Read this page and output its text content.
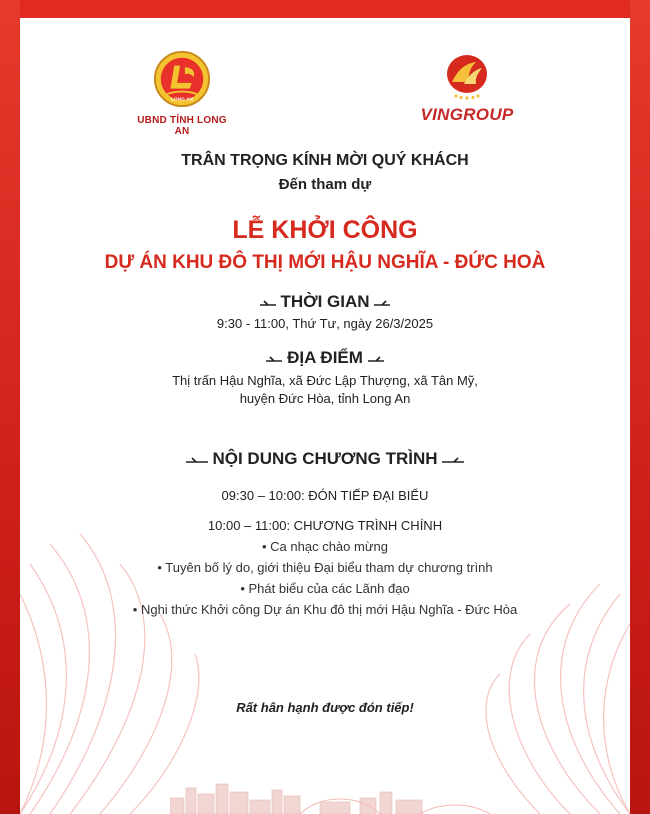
LONG AN
UBND TỈNH LONG AN
VINGROUP
TRÂN TRỌNG KÍNH MỜI QUÝ KHÁCH
Đến tham dự
LỄ KHỞI CÔNG
DỰ ÁN KHU ĐÔ THỊ MỚI HẬU NGHĨA - ĐỨC HOÀ
THỜI GIAN
9:30 - 11:00, Thứ Tư, ngày 26/3/2025
ĐỊA ĐIỂM
Thị trấn Hậu Nghĩa, xã Đức Lập Thượng, xã Tân Mỹ,
huyện Đức Hòa, tỉnh Long An
NỘI DUNG CHƯƠNG TRÌNH
09:30 – 10:00: ĐÓN TIẾP ĐẠI BIỂU
10:00 – 11:00: CHƯƠNG TRÌNH CHÍNH
• Ca nhạc chào mừng
• Tuyên bố lý do, giới thiệu Đại biểu tham dự chương trình
• Phát biểu của các Lãnh đạo
• Nghi thức Khởi công Dự án Khu đô thị mới Hậu Nghĩa - Đức Hòa
Rất hân hạnh được đón tiếp!
